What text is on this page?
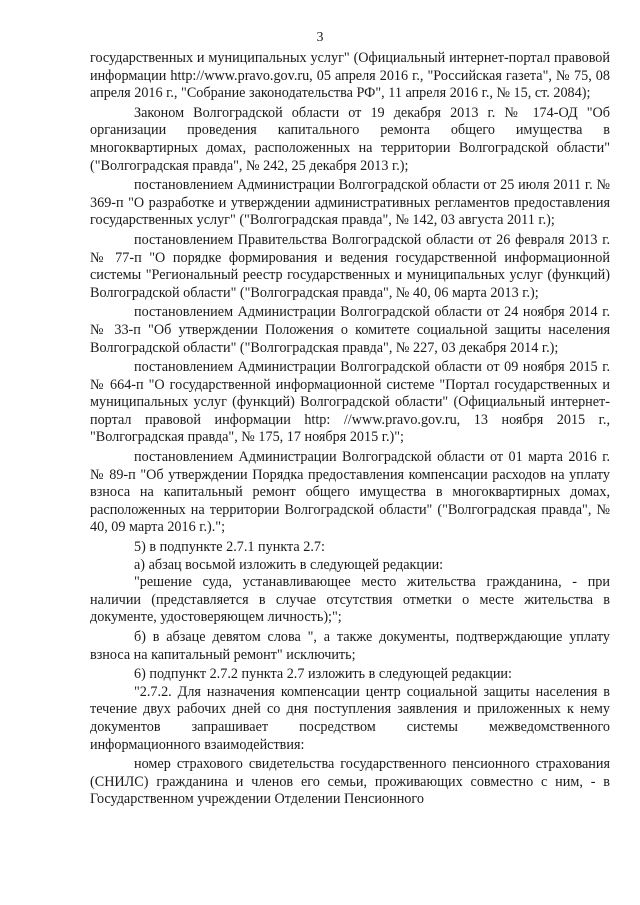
3

государственных и муниципальных услуг" (Официальный интернет-портал правовой информации http://www.pravo.gov.ru, 05 апреля 2016 г., "Российская газета", № 75, 08 апреля 2016 г., "Собрание законодательства РФ", 11 апреля 2016 г., № 15, ст. 2084);

Законом Волгоградской области от 19 декабря 2013 г. № 174-ОД "Об организации проведения капитального ремонта общего имущества в многоквартирных домах, расположенных на территории Волгоградской области" ("Волгоградская правда", № 242, 25 декабря 2013 г.);

постановлением Администрации Волгоградской области от 25 июля 2011 г. № 369-п "О разработке и утверждении административных регламентов предоставления государственных услуг" ("Волгоградская правда", № 142, 03 августа 2011 г.);

постановлением Правительства Волгоградской области от 26 февраля 2013 г. № 77-п "О порядке формирования и ведения государственной информационной системы "Региональный реестр государственных и муниципальных услуг (функций) Волгоградской области" ("Волгоградская правда", № 40, 06 марта 2013 г.);

постановлением Администрации Волгоградской области от 24 ноября 2014 г. № 33-п "Об утверждении Положения о комитете социальной защиты населения Волгоградской области" ("Волгоградская правда", № 227, 03 декабря 2014 г.);

постановлением Администрации Волгоградской области от 09 ноября 2015 г. № 664-п "О государственной информационной системе "Портал государственных и муниципальных услуг (функций) Волгоградской области" (Официальный интернет-портал правовой информации http: //www.pravo.gov.ru, 13 ноября 2015 г., "Волгоградская правда", № 175, 17 ноября 2015 г.)";

постановлением Администрации Волгоградской области от 01 марта 2016 г. № 89-п "Об утверждении Порядка предоставления компенсации расходов на уплату взноса на капитальный ремонт общего имущества в многоквартирных домах, расположенных на территории Волгоградской области" ("Волгоградская правда", № 40, 09 марта 2016 г.).";

5) в подпункте 2.7.1 пункта 2.7:

а) абзац восьмой изложить в следующей редакции:

"решение суда, устанавливающее место жительства гражданина, - при наличии (представляется в случае отсутствия отметки о месте жительства в документе, удостоверяющем личность);";

б) в абзаце девятом слова ", а также документы, подтверждающие уплату взноса на капитальный ремонт" исключить;

6) подпункт 2.7.2 пункта 2.7 изложить в следующей редакции:

"2.7.2. Для назначения компенсации центр социальной защиты населения в течение двух рабочих дней со дня поступления заявления и приложенных к нему документов запрашивает посредством системы межведомственного информационного взаимодействия:

номер страхового свидетельства государственного пенсионного страхования (СНИЛС) гражданина и членов его семьи, проживающих совместно с ним, - в Государственном учреждении Отделении Пенсионного
